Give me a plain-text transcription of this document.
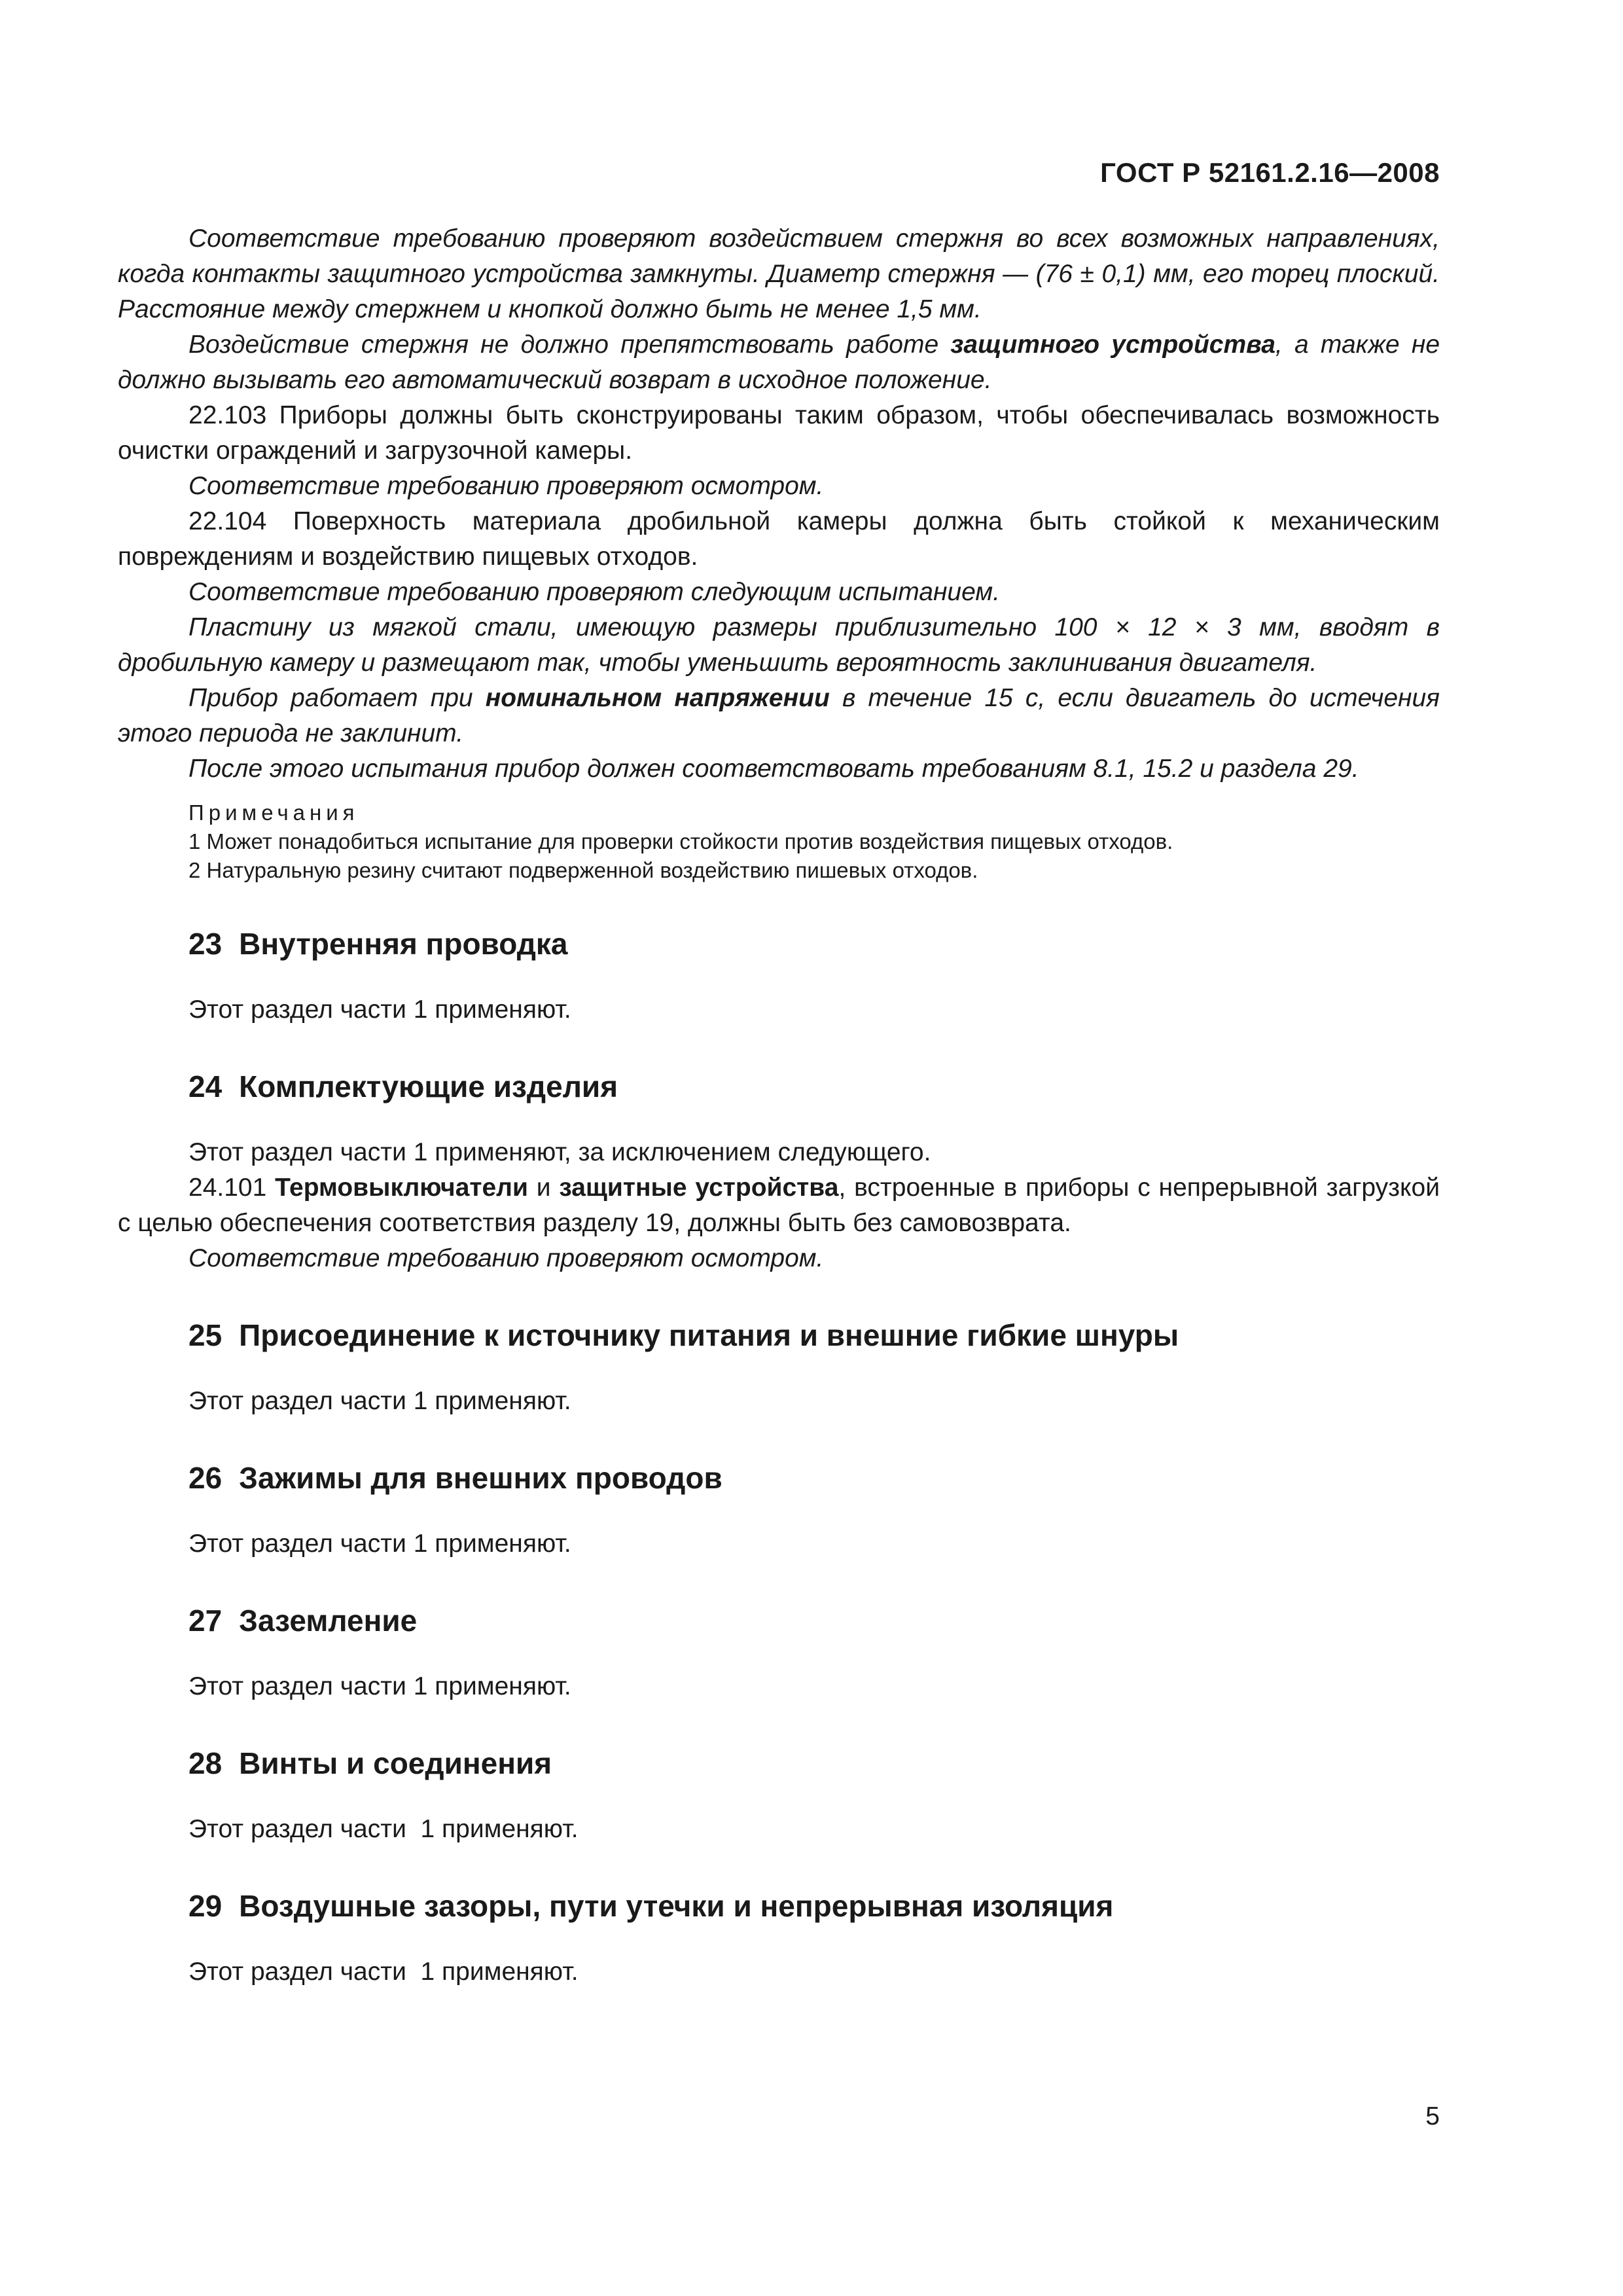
ГОСТ Р 52161.2.16—2008

Соответствие требованию проверяют воздействием стержня во всех возможных направлениях, когда контакты защитного устройства замкнуты. Диаметр стержня — (76 ± 0,1) мм, его торец плоский. Расстояние между стержнем и кнопкой должно быть не менее 1,5 мм.

Воздействие стержня не должно препятствовать работе защитного устройства, а также не должно вызывать его автоматический возврат в исходное положение.

22.103 Приборы должны быть сконструированы таким образом, чтобы обеспечивалась возможность очистки ограждений и загрузочной камеры.

Соответствие требованию проверяют осмотром.

22.104 Поверхность материала дробильной камеры должна быть стойкой к механическим повреждениям и воздействию пищевых отходов.

Соответствие требованию проверяют следующим испытанием.

Пластину из мягкой стали, имеющую размеры приблизительно 100 × 12 × 3 мм, вводят в дробильную камеру и размещают так, чтобы уменьшить вероятность заклинивания двигателя.

Прибор работает при номинальном напряжении в течение 15 с, если двигатель до истечения этого периода не заклинит.

После этого испытания прибор должен соответствовать требованиям 8.1, 15.2 и раздела 29.

Примечания
1 Может понадобиться испытание для проверки стойкости против воздействия пищевых отходов.
2 Натуральную резину считают подверженной воздействию пишевых отходов.
23 Внутренняя проводка

Этот раздел части 1 применяют.

24 Комплектующие изделия

Этот раздел части 1 применяют, за исключением следующего.

24.101 Термовыключатели и защитные устройства, встроенные в приборы с непрерывной загрузкой с целью обеспечения соответствия разделу 19, должны быть без самовозврата.

Соответствие требованию проверяют осмотром.

25 Присоединение к источнику питания и внешние гибкие шнуры

Этот раздел части 1 применяют.

26 Зажимы для внешних проводов

Этот раздел части 1 применяют.

27 Заземление

Этот раздел части 1 применяют.

28 Винты и соединения

Этот раздел части  1 применяют.

29 Воздушные зазоры, пути утечки и непрерывная изоляция

Этот раздел части  1 применяют.

5
